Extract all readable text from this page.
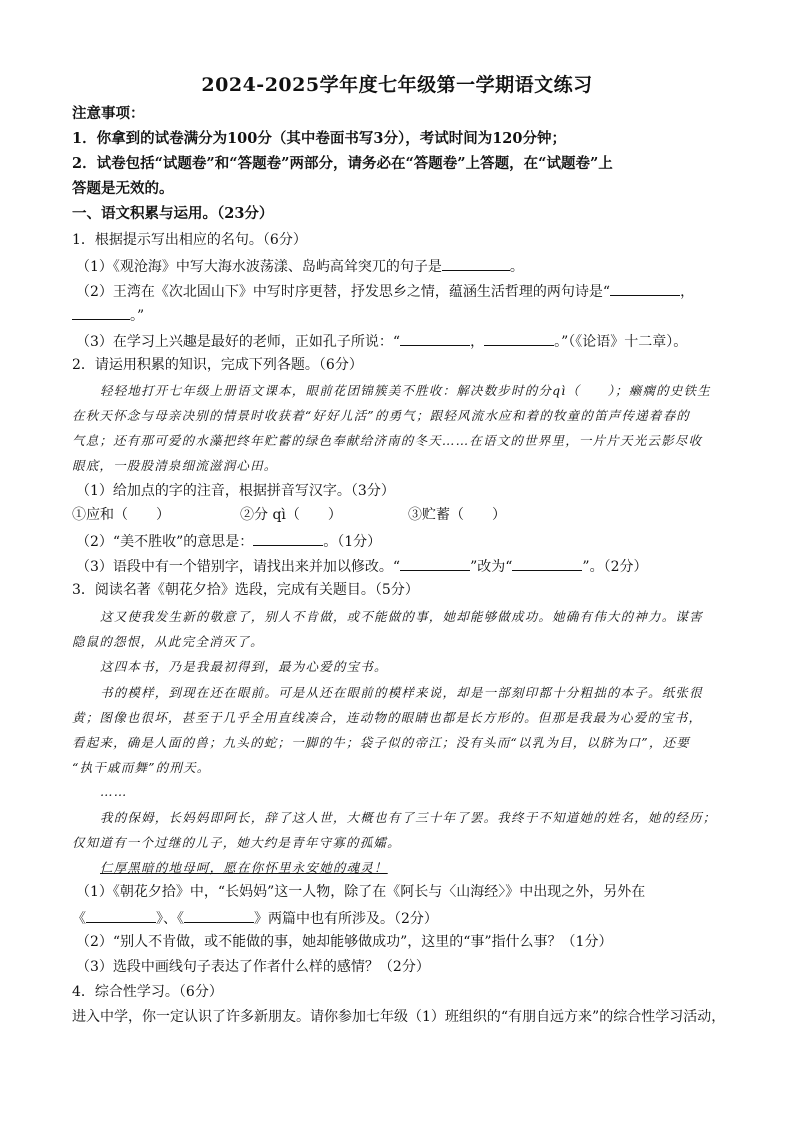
2024-2025学年度七年级第一学期语文练习
注意事项：
1．你拿到的试卷满分为100分（其中卷面书写3分），考试时间为120分钟；
2．试卷包括“试题卷”和“答题卷”两部分，请务必在“答题卷”上答题，在“试题卷”上
答题是无效的。
一、语文积累与运用。（23分）
1．根据提示写出相应的名句。（6分）
（1）《观沧海》中写大海水波荡漾、岛屿高耸突兀的句子是	。
（2）王湾在《次北固山下》中写时序更替，抒发思乡之情，蕴涵生活哲理的两句诗是“	，
。”
（3）在学习上兴趣是最好的老师，正如孔子所说：“	，	。”（《论语》十二章）。
2．请运用积累的知识，完成下列各题。（6分）
轻轻地打开七年级上册语文课本，眼前花团锦簇美不胜收：解决数步时的分qì（　　）；癞瘸的史铁生
在秋天怀念与母亲决别的情景时收获着“好好儿活”的勇气；跟轻风流水应和着的牧童的笛声传递着春的
气息；还有那可爱的水藻把终年贮蓄的绿色奉献给济南的冬天……在语文的世界里，一片片天光云影尽收
眼底，一股股清泉细流滋润心田。
（1）给加点的字的注音，根据拼音写汉字。（3分）
①应和（　　）	②分 qì（　　）	③贮蓄（　　）
（2）“美不胜收”的意思是：	。（1分）
（3）语段中有一个错别字，请找出来并加以修改。“	”改为“	”。（2分）
3．阅读名著《朝花夕拾》选段，完成有关题目。（5分）
这又使我发生新的敬意了，别人不肯做，或不能做的事，她却能够做成功。她确有伟大的神力。谋害
隐鼠的怨恨，从此完全消灭了。
这四本书，乃是我最初得到，最为心爱的宝书。
书的模样，到现在还在眼前。可是从还在眼前的模样来说，却是一部刻印都十分粗拙的本子。纸张很
黄；图像也很坏，甚至于几乎全用直线凑合，连动物的眼睛也都是长方形的。但那是我最为心爱的宝书，
看起来，确是人面的兽；九头的蛇；一脚的牛；袋子似的帝江；没有头而“以乳为目，以脐为口”，还要
“执干戚而舞”的刑天。
……
我的保姆，长妈妈即阿长，辞了这人世，大概也有了三十年了罢。我终于不知道她的姓名，她的经历；
仅知道有一个过继的儿子，她大约是青年守寡的孤孀。
仁厚黑暗的地母呵，愿在你怀里永安她的魂灵！
（1）《朝花夕拾》中，“长妈妈”这一人物，除了在《阿长与〈山海经〉》中出现之外，另外在
《	》、《	》两篇中也有所涉及。（2分）
（2）“别人不肯做，或不能做的事，她却能够做成功”，这里的“事”指什么事？（1分）
（3）选段中画线句子表达了作者什么样的感情？（2分）
4．综合性学习。（6分）
进入中学，你一定认识了许多新朋友。请你参加七年级（1）班组织的“有朋自远方来”的综合性学习活动，
